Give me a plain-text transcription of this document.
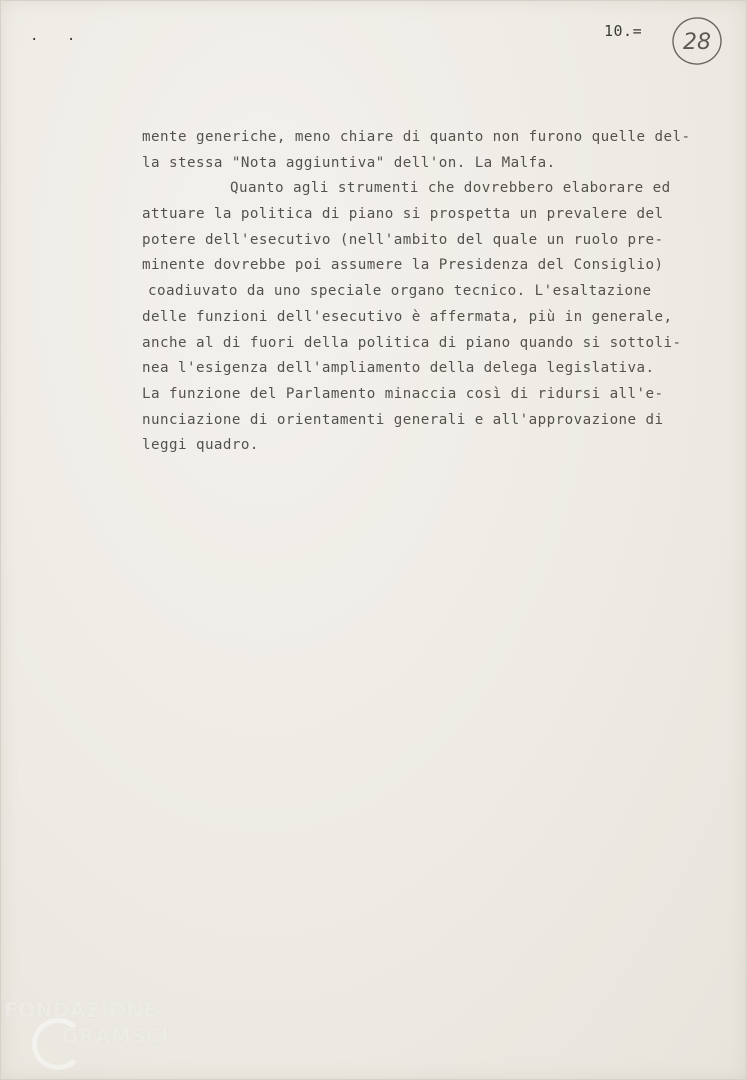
. .	10.= 28
mente generiche, meno chiare di quanto non furono quelle del-
la stessa "Nota aggiuntiva" dell'on. La Malfa.
Quanto agli strumenti che dovrebbero elaborare ed
attuare la politica di piano si prospetta un prevalere del
potere dell'esecutivo (nell'ambito del quale un ruolo pre-
minente dovrebbe poi assumere la Presidenza del Consiglio)
coadiuvato da uno speciale organo tecnico. L'esaltazione
delle funzioni dell'esecutivo è affermata, più in generale,
anche al di fuori della politica di piano quando si sottoli-
nea l'esigenza dell'ampliamento della delega legislativa.
La funzione del Parlamento minaccia così di ridursi all'e-
nunciazione di orientamenti generali e all'approvazione di
leggi quadro.
FONDAZIONE
GRAMSCI
